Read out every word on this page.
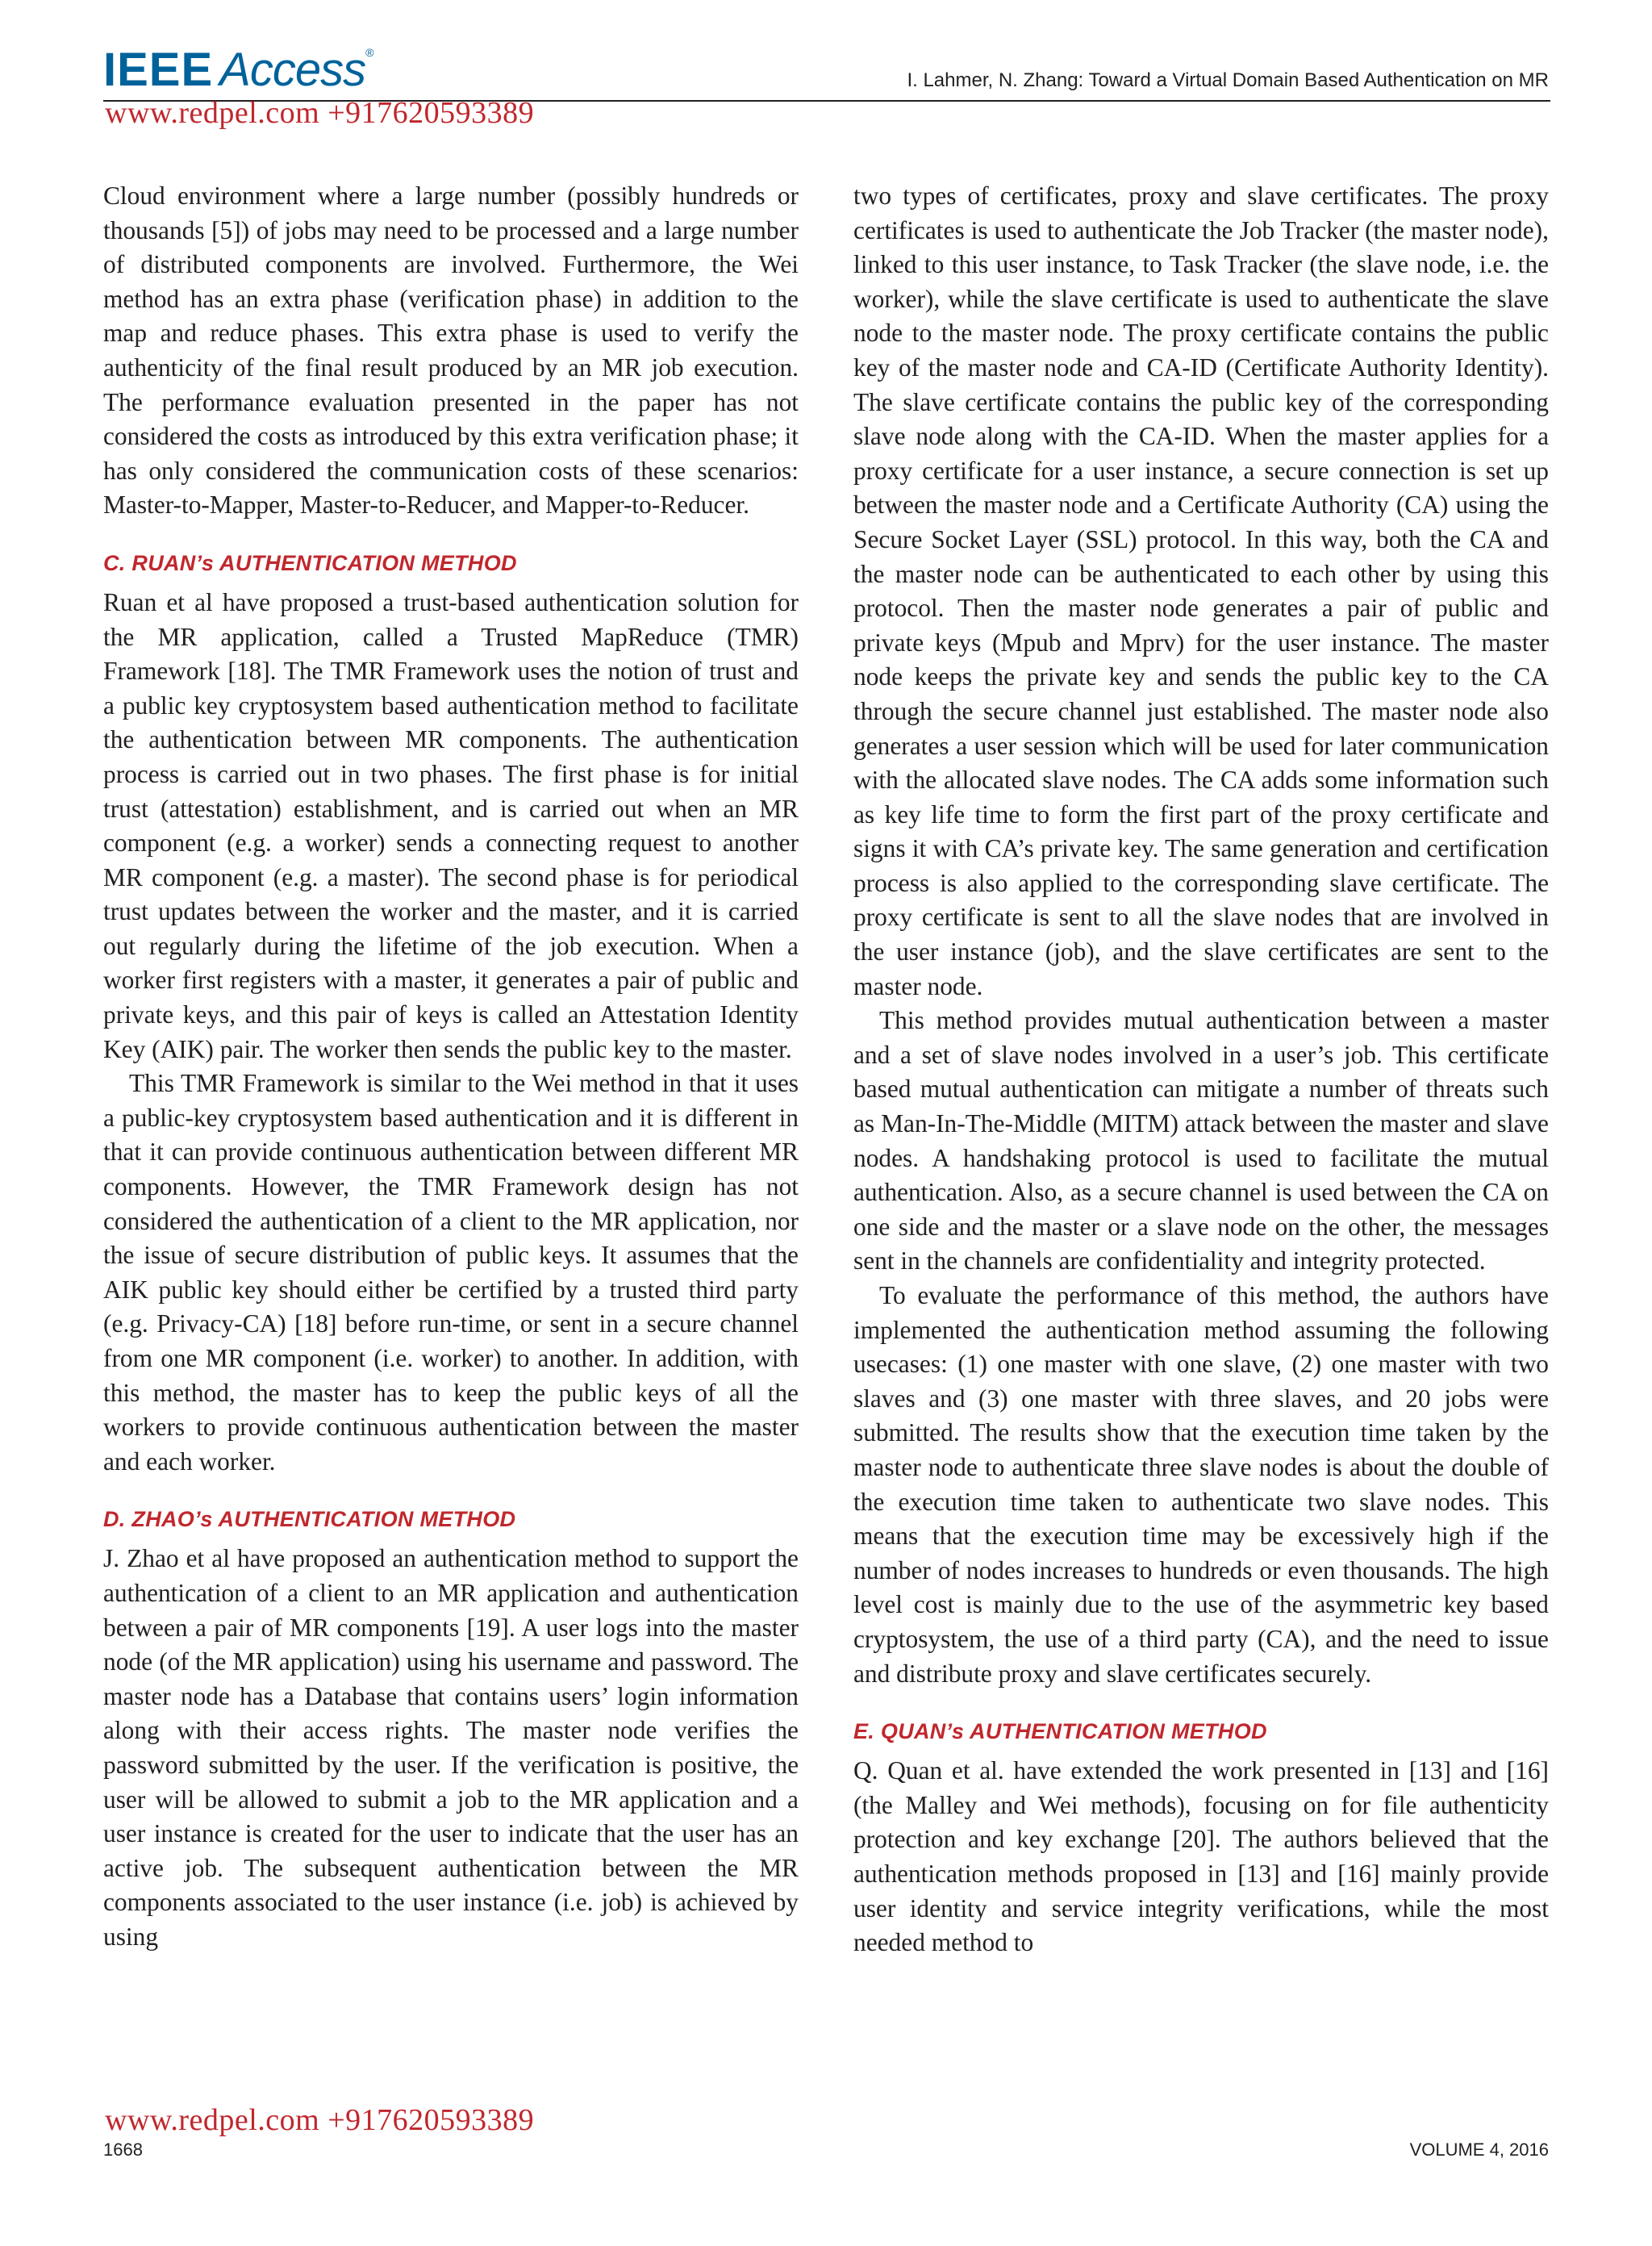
IEEE Access®
I. Lahmer, N. Zhang: Toward a Virtual Domain Based Authentication on MR
www.redpel.com +917620593389

Cloud environment where a large number (possibly hundreds or thousands [5]) of jobs may need to be processed and a large number of distributed components are involved. Furthermore, the Wei method has an extra phase (verification phase) in addition to the map and reduce phases. This extra phase is used to verify the authenticity of the final result produced by an MR job execution. The performance evaluation presented in the paper has not considered the costs as introduced by this extra verification phase; it has only considered the communication costs of these scenarios: Master-to-Mapper, Master-to-Reducer, and Mapper-to-Reducer.

C. RUAN’s AUTHENTICATION METHOD

Ruan et al have proposed a trust-based authentication solution for the MR application, called a Trusted MapReduce (TMR) Framework [18]. The TMR Framework uses the notion of trust and a public key cryptosystem based authentication method to facilitate the authentication between MR components. The authentication process is carried out in two phases. The first phase is for initial trust (attestation) establishment, and is carried out when an MR component (e.g. a worker) sends a connecting request to another MR component (e.g. a master). The second phase is for periodical trust updates between the worker and the master, and it is carried out regularly during the lifetime of the job execution. When a worker first registers with a master, it generates a pair of public and private keys, and this pair of keys is called an Attestation Identity Key (AIK) pair. The worker then sends the public key to the master.

This TMR Framework is similar to the Wei method in that it uses a public-key cryptosystem based authentication and it is different in that it can provide continuous authentication between different MR components. However, the TMR Framework design has not considered the authentication of a client to the MR application, nor the issue of secure distribution of public keys. It assumes that the AIK public key should either be certified by a trusted third party (e.g. Privacy-CA) [18] before run-time, or sent in a secure channel from one MR component (i.e. worker) to another. In addition, with this method, the master has to keep the public keys of all the workers to provide continuous authentication between the master and each worker.

D. ZHAO’s AUTHENTICATION METHOD

J. Zhao et al have proposed an authentication method to support the authentication of a client to an MR application and authentication between a pair of MR components [19]. A user logs into the master node (of the MR application) using his username and password. The master node has a Database that contains users’ login information along with their access rights. The master node verifies the password submitted by the user. If the verification is positive, the user will be allowed to submit a job to the MR application and a user instance is created for the user to indicate that the user has an active job. The subsequent authentication between the MR components associated to the user instance (i.e. job) is achieved by using

two types of certificates, proxy and slave certificates. The proxy certificates is used to authenticate the Job Tracker (the master node), linked to this user instance, to Task Tracker (the slave node, i.e. the worker), while the slave certificate is used to authenticate the slave node to the master node. The proxy certificate contains the public key of the master node and CA-ID (Certificate Authority Identity). The slave certificate contains the public key of the corresponding slave node along with the CA-ID. When the master applies for a proxy certificate for a user instance, a secure connection is set up between the master node and a Certificate Authority (CA) using the Secure Socket Layer (SSL) protocol. In this way, both the CA and the master node can be authenticated to each other by using this protocol. Then the master node generates a pair of public and private keys (Mpub and Mprv) for the user instance. The master node keeps the private key and sends the public key to the CA through the secure channel just established. The master node also generates a user session which will be used for later communication with the allocated slave nodes. The CA adds some information such as key life time to form the first part of the proxy certificate and signs it with CA’s private key. The same generation and certification process is also applied to the corresponding slave certificate. The proxy certificate is sent to all the slave nodes that are involved in the user instance (job), and the slave certificates are sent to the master node.

This method provides mutual authentication between a master and a set of slave nodes involved in a user’s job. This certificate based mutual authentication can mitigate a number of threats such as Man-In-The-Middle (MITM) attack between the master and slave nodes. A handshaking protocol is used to facilitate the mutual authentication. Also, as a secure channel is used between the CA on one side and the master or a slave node on the other, the messages sent in the channels are confidentiality and integrity protected.

To evaluate the performance of this method, the authors have implemented the authentication method assuming the following usecases: (1) one master with one slave, (2) one master with two slaves and (3) one master with three slaves, and 20 jobs were submitted. The results show that the execution time taken by the master node to authenticate three slave nodes is about the double of the execution time taken to authenticate two slave nodes. This means that the execution time may be excessively high if the number of nodes increases to hundreds or even thousands. The high level cost is mainly due to the use of the asymmetric key based cryptosystem, the use of a third party (CA), and the need to issue and distribute proxy and slave certificates securely.

E. QUAN’s AUTHENTICATION METHOD

Q. Quan et al. have extended the work presented in [13] and [16] (the Malley and Wei methods), focusing on for file authenticity protection and key exchange [20]. The authors believed that the authentication methods proposed in [13] and [16] mainly provide user identity and service integrity verifications, while the most needed method to

www.redpel.com +917620593389
1668	VOLUME 4, 2016
